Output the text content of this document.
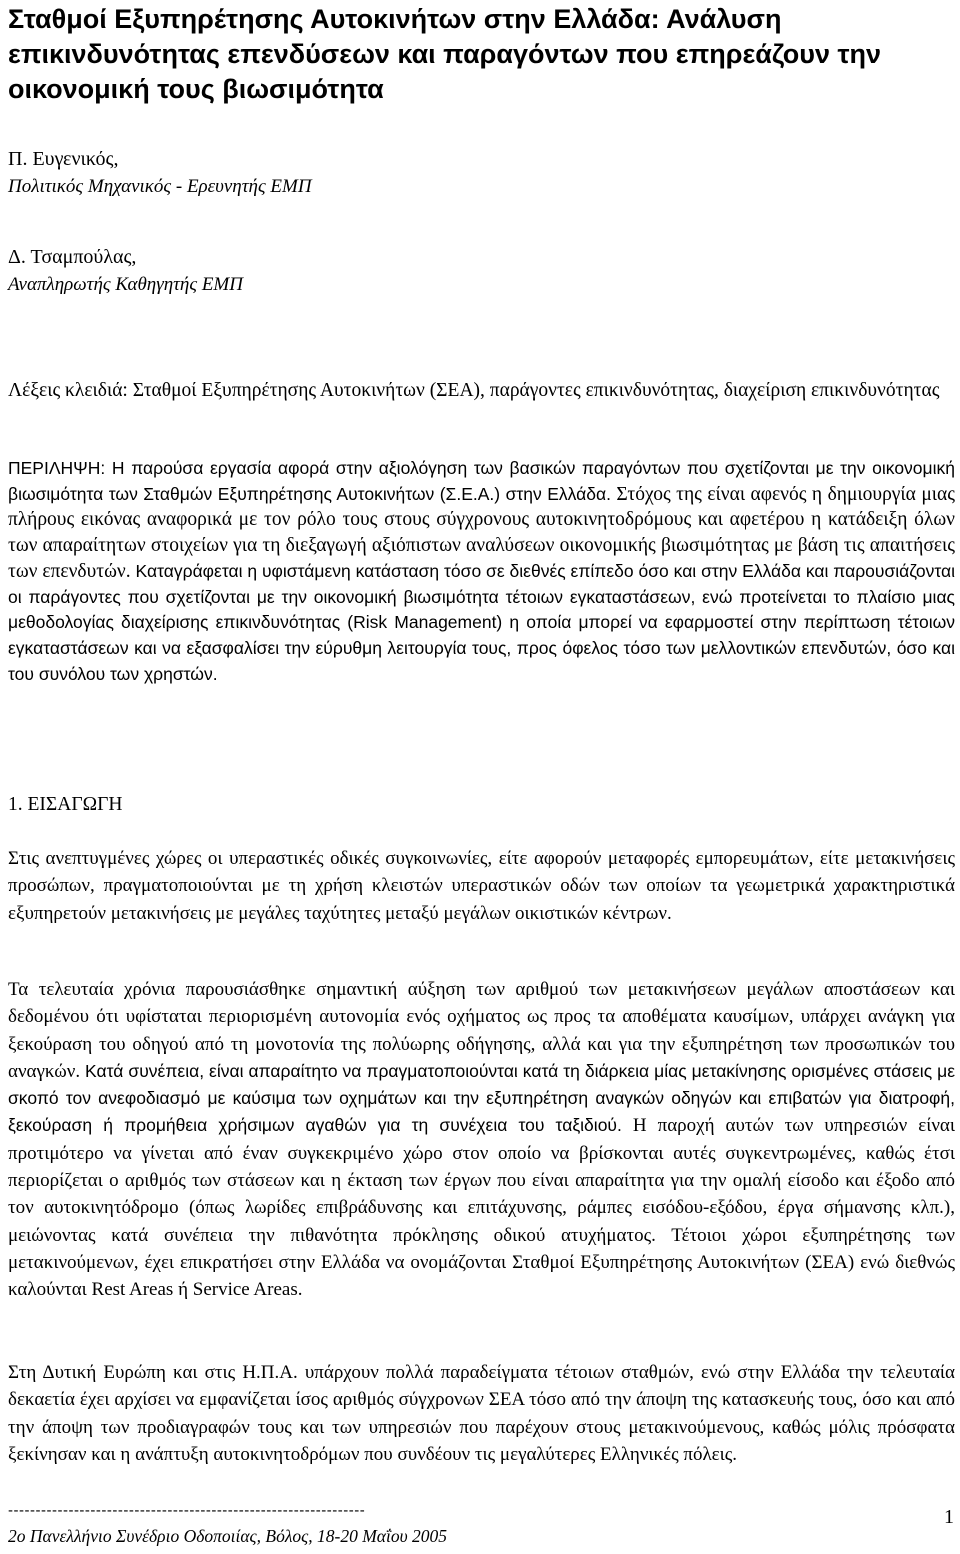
Σταθμοί Εξυπηρέτησης Αυτοκινήτων στην Ελλάδα: Ανάλυση επικινδυνότητας επενδύσεων και παραγόντων που επηρεάζουν την οικονομική τους βιωσιμότητα
Π. Ευγενικός,
Πολιτικός Μηχανικός - Ερευνητής ΕΜΠ
Δ. Τσαμπούλας,
Αναπληρωτής Καθηγητής ΕΜΠ

Λέξεις κλειδιά: Σταθμοί Εξυπηρέτησης Αυτοκινήτων (ΣΕΑ), παράγοντες επικινδυνότητας, διαχείριση επικινδυνότητας

ΠΕΡΙΛΗΨΗ: Η παρούσα εργασία αφορά στην αξιολόγηση των βασικών παραγόντων που σχετίζονται με την οικονομική βιωσιμότητα των Σταθμών Εξυπηρέτησης Αυτοκινήτων (Σ.Ε.Α.) στην Ελλάδα. Στόχος της είναι αφενός η δημιουργία μιας πλήρους εικόνας αναφορικά με τον ρόλο τους στους σύγχρονους αυτοκινητοδρόμους και αφετέρου η κατάδειξη όλων των απαραίτητων στοιχείων για τη διεξαγωγή αξιόπιστων αναλύσεων οικονομικής βιωσιμότητας με βάση τις απαιτήσεις των επενδυτών. Καταγράφεται η υφιστάμενη κατάσταση τόσο σε διεθνές επίπεδο όσο και στην Ελλάδα και παρουσιάζονται οι παράγοντες που σχετίζονται με την οικονομική βιωσιμότητα τέτοιων εγκαταστάσεων, ενώ προτείνεται το πλαίσιο μιας μεθοδολογίας διαχείρισης επικινδυνότητας (Risk Management) η οποία μπορεί να εφαρμοστεί στην περίπτωση τέτοιων εγκαταστάσεων και να εξασφαλίσει την εύρυθμη λειτουργία τους, προς όφελος τόσο των μελλοντικών επενδυτών, όσο και του συνόλου των χρηστών.

1. ΕΙΣΑΓΩΓΗ

Στις ανεπτυγμένες χώρες οι υπεραστικές οδικές συγκοινωνίες, είτε αφορούν μεταφορές εμπορευμάτων, είτε μετακινήσεις προσώπων, πραγματοποιούνται με τη χρήση κλειστών υπεραστικών οδών των οποίων τα γεωμετρικά χαρακτηριστικά εξυπηρετούν μετακινήσεις με μεγάλες ταχύτητες μεταξύ μεγάλων οικιστικών κέντρων.

Τα τελευταία χρόνια παρουσιάσθηκε σημαντική αύξηση των αριθμού των μετακινήσεων μεγάλων αποστάσεων και δεδομένου ότι υφίσταται περιορισμένη αυτονομία ενός οχήματος ως προς τα αποθέματα καυσίμων, υπάρχει ανάγκη για ξεκούραση του οδηγού από τη μονοτονία της πολύωρης οδήγησης, αλλά και για την εξυπηρέτηση των προσωπικών του αναγκών. Κατά συνέπεια, είναι απαραίτητο να πραγματοποιούνται κατά τη διάρκεια μίας μετακίνησης ορισμένες στάσεις με σκοπό τον ανεφοδιασμό με καύσιμα των οχημάτων και την εξυπηρέτηση αναγκών οδηγών και επιβατών για διατροφή, ξεκούραση ή προμήθεια χρήσιμων αγαθών για τη συνέχεια του ταξιδιού. Η παροχή αυτών των υπηρεσιών είναι προτιμότερο να γίνεται από έναν συγκεκριμένο χώρο στον οποίο να βρίσκονται αυτές συγκεντρωμένες, καθώς έτσι περιορίζεται ο αριθμός των στάσεων και η έκταση των έργων που είναι απαραίτητα για την ομαλή είσοδο και έξοδο από τον αυτοκινητόδρομο (όπως λωρίδες επιβράδυνσης και επιτάχυνσης, ράμπες εισόδου-εξόδου, έργα σήμανσης κλπ.), μειώνοντας κατά συνέπεια την πιθανότητα πρόκλησης οδικού ατυχήματος. Τέτοιοι χώροι εξυπηρέτησης των μετακινούμενων, έχει επικρατήσει στην Ελλάδα να ονομάζονται Σταθμοί Εξυπηρέτησης Αυτοκινήτων (ΣΕΑ) ενώ διεθνώς καλούνται Rest Areas ή Service Areas.

Στη Δυτική Ευρώπη και στις Η.Π.Α. υπάρχουν πολλά παραδείγματα τέτοιων σταθμών, ενώ στην Ελλάδα την τελευταία δεκαετία έχει αρχίσει να εμφανίζεται ίσος αριθμός σύγχρονων ΣΕΑ τόσο από την άποψη της κατασκευής τους, όσο και από την άποψη των προδιαγραφών τους και των υπηρεσιών που παρέχουν στους μετακινούμενους, καθώς μόλις πρόσφατα ξεκίνησαν και η ανάπτυξη αυτοκινητοδρόμων που συνδέουν τις μεγαλύτερες Ελληνικές πόλεις.

-----------------------------------------------------------------	1
2ο Πανελλήνιο Συνέδριο Οδοποιίας, Βόλος, 18-20 Μαΐου 2005
